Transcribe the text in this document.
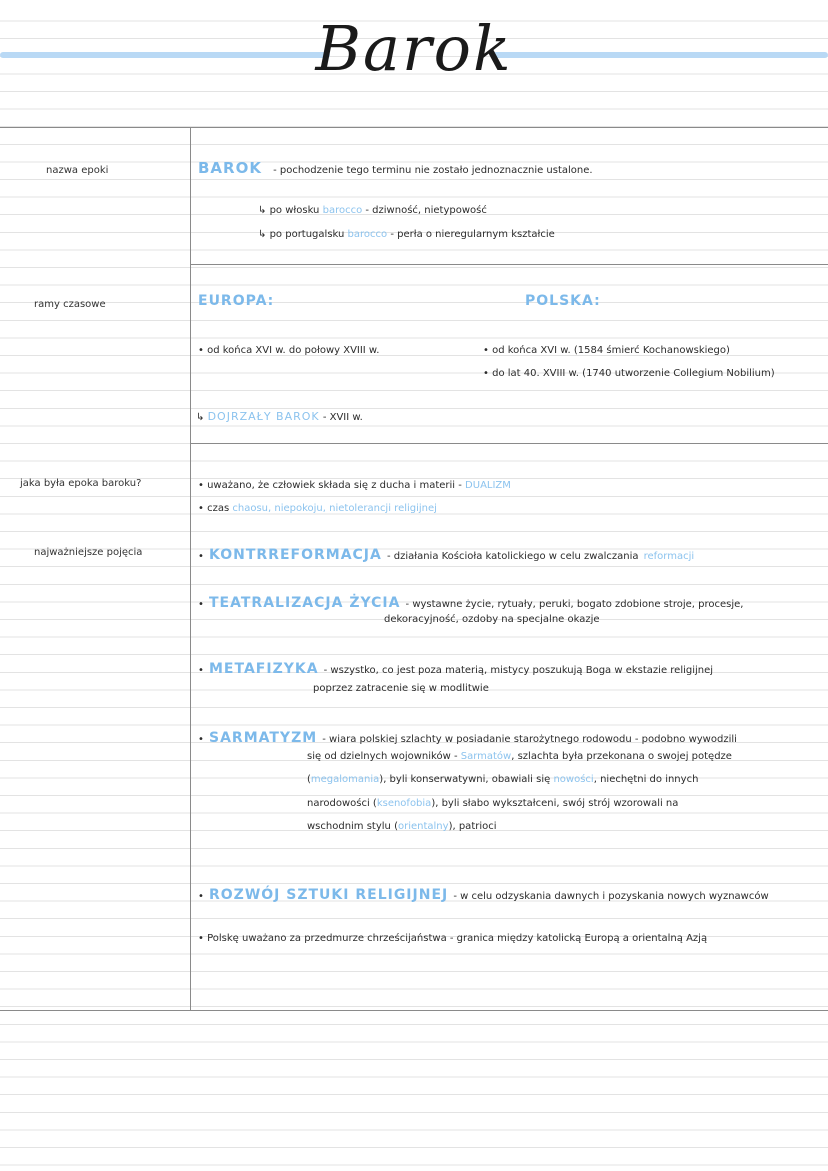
Barok
nazwa epoki
ramy czasowe
jaka była epoka baroku?
najważniejsze pojęcia
BAROK - pochodzenie tego terminu nie zostało jednoznacznie ustalone.
↳ po włosku barocco - dziwność, nietypowość
↳ po portugalsku barocco - perła o nieregularnym kształcie
EUROPA:	POLSKA:
• od końca XVI w. do połowy XVIII w.	• od końca XVI w. (1584 śmierć Kochanowskiego)
• do lat 40. XVIII w. (1740 utworzenie Collegium Nobilium)
↳ DOJRZAŁY BAROK - XVII w.
• uważano, że człowiek składa się z ducha i materii - DUALIZM
• czas chaosu, niepokoju, nietolerancji religijnej
• KONTRREFORMACJA - działania Kościoła katolickiego w celu zwalczania reformacji
• TEATRALIZACJA ŻYCIA - wystawne życie, rytuały, peruki, bogato zdobione stroje, procesje,
dekoracyjność, ozdoby na specjalne okazje
• METAFIZYKA - wszystko, co jest poza materią, mistycy poszukują Boga w ekstazie religijnej
poprzez zatracenie się w modlitwie
• SARMATYZM - wiara polskiej szlachty w posiadanie starożytnego rodowodu - podobno wywodzili
się od dzielnych wojowników - Sarmatów, szlachta była przekonana o swojej potędze
(megalomania), byli konserwatywni, obawiali się nowości, niechętni do innych
narodowości (ksenofobia), byli słabo wykształceni, swój strój wzorowali na
wschodnim stylu (orientalny), patrioci
• ROZWÓJ SZTUKI RELIGIJNEJ - w celu odzyskania dawnych i pozyskania nowych wyznawców
• Polskę uważano za przedmurze chrześcijaństwa - granica między katolicką Europą a orientalną Azją
